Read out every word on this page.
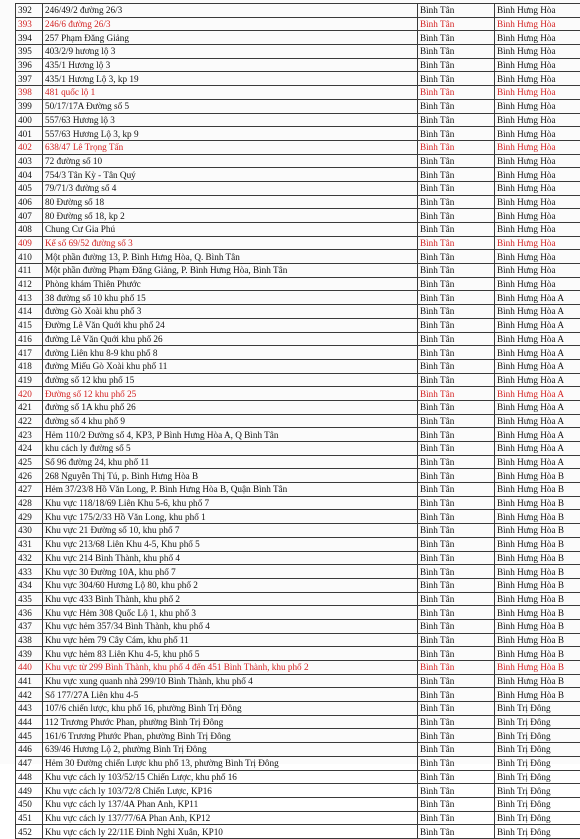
392	246/49/2 đường 26/3	Bình Tân	Bình Hưng Hòa
393	246/6 đường 26/3	Bình Tân	Bình Hưng Hòa
394	257 Phạm Đăng Giảng	Bình Tân	Bình Hưng Hòa
395	403/2/9 hương lộ 3	Bình Tân	Bình Hưng Hòa
396	435/1 Hương lộ 3	Bình Tân	Bình Hưng Hòa
397	435/1 Hương Lộ 3, kp 19	Bình Tân	Bình Hưng Hòa
398	481 quốc lộ 1	Bình Tân	Bình Hưng Hòa
399	50/17/17A Đường số 5	Bình Tân	Bình Hưng Hòa
400	557/63 Hương lộ 3	Bình Tân	Bình Hưng Hòa
401	557/63 Hương Lộ 3, kp 9	Bình Tân	Bình Hưng Hòa
402	638/47 Lê Trọng Tấn	Bình Tân	Bình Hưng Hòa
403	72 đường số 10	Bình Tân	Bình Hưng Hòa
404	754/3 Tân Kỳ - Tân Quý	Bình Tân	Bình Hưng Hòa
405	79/71/3 đường số 4	Bình Tân	Bình Hưng Hòa
406	80 Đường số 18	Bình Tân	Bình Hưng Hòa
407	80 Đường số 18, kp 2	Bình Tân	Bình Hưng Hòa
408	Chung Cư Gia Phú	Bình Tân	Bình Hưng Hòa
409	Kế số 69/52 đường số 3	Bình Tân	Bình Hưng Hòa
410	Một phần đường 13, P. Bình Hưng Hòa, Q. Bình Tân	Bình Tân	Bình Hưng Hòa
411	Một phần đường Phạm Đăng Giảng, P. Bình Hưng Hòa, Bình Tân	Bình Tân	Bình Hưng Hòa
412	Phòng khám Thiên Phước	Bình Tân	Bình Hưng Hòa
413	38 đường số 10 khu phố 15	Bình Tân	Bình Hưng Hòa A
414	đường Gò Xoài khu phố 3	Bình Tân	Bình Hưng Hòa A
415	Đường Lê Văn Quới khu phố 24	Bình Tân	Bình Hưng Hòa A
416	đường Lê Văn Quới khu phố 26	Bình Tân	Bình Hưng Hòa A
417	đường Liên khu 8-9 khu phố 8	Bình Tân	Bình Hưng Hòa A
418	đường Miếu Gò Xoài khu phố 11	Bình Tân	Bình Hưng Hòa A
419	đường số 12 khu phố 15	Bình Tân	Bình Hưng Hòa A
420	Đường số 12 khu phố 25	Bình Tân	Bình Hưng Hòa A
421	đường số 1A khu phố 26	Bình Tân	Bình Hưng Hòa A
422	đường số 4 khu phố 9	Bình Tân	Bình Hưng Hòa A
423	Hẻm 110/2 Đường số 4, KP3, P Bình Hưng Hòa A, Q Bình Tân	Bình Tân	Bình Hưng Hòa A
424	khu cách ly đường số 5	Bình Tân	Bình Hưng Hòa A
425	Số 96 đường 24, khu phố 11	Bình Tân	Bình Hưng Hòa A
426	268 Nguyễn Thị Tú, p. Bình Hưng Hòa B	Bình Tân	Bình Hưng Hòa B
427	Hẻm 37/23/8 Hồ Văn Long, P. Bình Hưng Hòa B, Quận Bình Tân	Bình Tân	Bình Hưng Hòa B
428	Khu vực 118/18/69 Liên Khu 5-6, khu phố 7	Bình Tân	Bình Hưng Hòa B
429	Khu vực 175/2/33 Hồ Văn Long, khu phố 1	Bình Tân	Bình Hưng Hòa B
430	Khu vực 21 Đường số 10, khu phố 7	Bình Tân	Bình Hưng Hòa B
431	Khu vực 213/68 Liên Khu 4-5, Khu phố 5	Bình Tân	Bình Hưng Hòa B
432	Khu vực 214 Bình Thành, khu phố 4	Bình Tân	Bình Hưng Hòa B
433	Khu vực 30 Đường 10A, khu phố 7	Bình Tân	Bình Hưng Hòa B
434	Khu vực 304/60 Hương Lộ 80, khu phố 2	Bình Tân	Bình Hưng Hòa B
435	Khu vực 433 Bình Thành, khu phố 2	Bình Tân	Bình Hưng Hòa B
436	Khu vực Hẻm 308 Quốc Lộ 1, khu phố 3	Bình Tân	Bình Hưng Hòa B
437	Khu vực hẻm 357/34 Bình Thành, khu phố 4	Bình Tân	Bình Hưng Hòa B
438	Khu vực hẻm 79 Cây Cám, khu phố 11	Bình Tân	Bình Hưng Hòa B
439	Khu vực hẻm 83 Liên Khu 4-5, khu phố 5	Bình Tân	Bình Hưng Hòa B
440	Khu vực từ 299 Bình Thành, khu phố 4 đến 451 Bình Thành, khu phố 2	Bình Tân	Bình Hưng Hòa B
441	Khu vực xung quanh nhà 299/10 Bình Thành, khu phố 4	Bình Tân	Bình Hưng Hòa B
442	Số 177/27A Liên khu 4-5	Bình Tân	Bình Hưng Hòa B
443	107/6 chiến lược, khu phố 16, phường Bình Trị Đông	Bình Tân	Bình Trị Đông
444	112 Trương Phước Phan, phường Bình Trị Đông	Bình Tân	Bình Trị Đông
445	161/6 Trương Phước Phan, phường Bình Trị Đông	Bình Tân	Bình Trị Đông
446	639/46 Hương Lộ 2, phường Bình Trị Đông	Bình Tân	Bình Trị Đông
447	Hẻm 30 Đường chiến Lược khu phố 13, phường Bình Trị Đông	Bình Tân	Bình Trị Đông
448	Khu vực cách ly 103/52/15 Chiến Lược, khu phố 16	Bình Tân	Bình Trị Đông
449	Khu vực cách ly 103/72/8 Chiến Lược, KP16	Bình Tân	Bình Trị Đông
450	Khu vực cách ly 137/4A Phan Anh, KP11	Bình Tân	Bình Trị Đông
451	Khu vực cách ly 137/77/6A Phan Anh, KP12	Bình Tân	Bình Trị Đông
452	Khu vực cách ly 22/11E Đinh Nghi Xuân, KP10	Bình Tân	Bình Trị Đông
